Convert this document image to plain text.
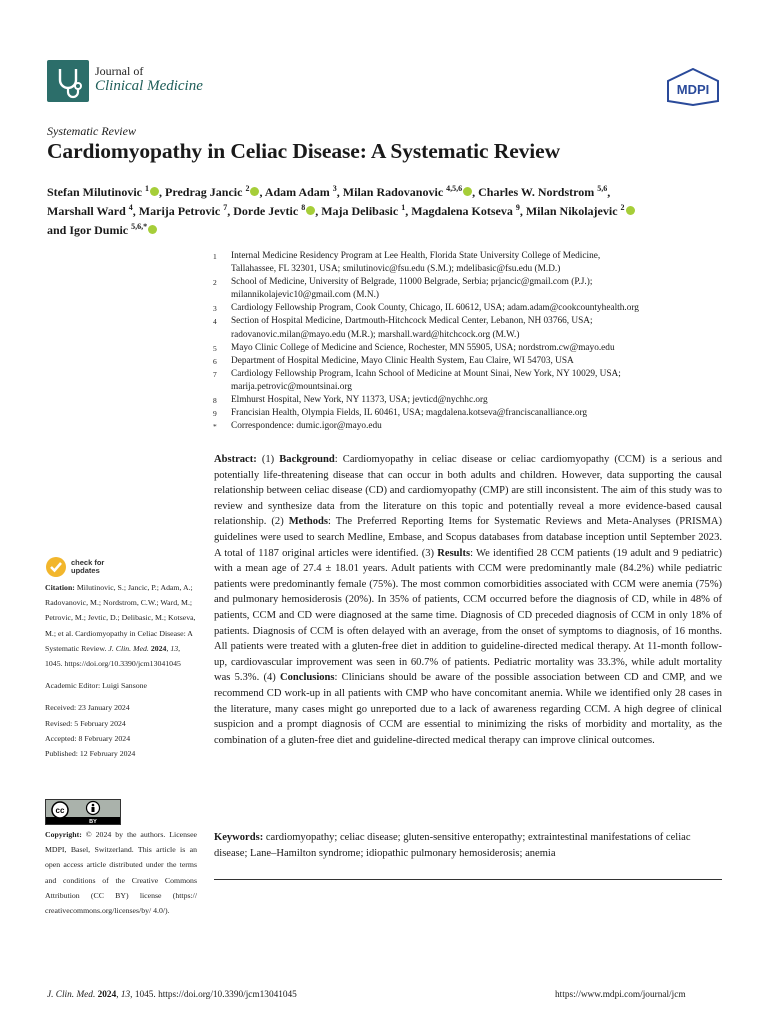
Journal of
Clinical Medicine	MDPI
Systematic Review
Cardiomyopathy in Celiac Disease: A Systematic Review
Stefan Milutinovic $^1$ , Predrag Jancic $^2$ , Adam Adam $^3$, Milan Radovanovic $^{4,5,6}$ , Charles W. Nordstrom $^{5,6}$,
Marshall Ward $^4$, Marija Petrovic $^7$, Dorde Jevtic $^8$ , Maja Delibasic $^1$, Magdalena Kotseva $^9$, Milan Nikolajevic $^2$
and Igor Dumic $^{5,6,*}$
1	Internal Medicine Residency Program at Lee Health, Florida State University College of Medicine,
Tallahassee, FL 32301, USA; smilutinovic@fsu.edu (S.M.); mdelibasic@fsu.edu (M.D.)
2	School of Medicine, University of Belgrade, 11000 Belgrade, Serbia; prjancic@gmail.com (P.J.);
milannikolajevic10@gmail.com (M.N.)
3	Cardiology Fellowship Program, Cook County, Chicago, IL 60612, USA; adam.adam@cookcountyhealth.org
4	Section of Hospital Medicine, Dartmouth-Hitchcock Medical Center, Lebanon, NH 03766, USA;
radovanovic.milan@mayo.edu (M.R.); marshall.ward@hitchcock.org (M.W.)
5	Mayo Clinic College of Medicine and Science, Rochester, MN 55905, USA; nordstrom.cw@mayo.edu
6	Department of Hospital Medicine, Mayo Clinic Health System, Eau Claire, WI 54703, USA
7	Cardiology Fellowship Program, Icahn School of Medicine at Mount Sinai, New York, NY 10029, USA;
marija.petrovic@mountsinai.org
8	Elmhurst Hospital, New York, NY 11373, USA; jevticd@nychhc.org
9	Francisian Health, Olympia Fields, IL 60461, USA; magdalena.kotseva@franciscanalliance.org
*	Correspondence: dumic.igor@mayo.edu
Abstract: (1) Background: Cardiomyopathy in celiac disease or celiac cardiomyopathy (CCM) is a serious and potentially life-threatening disease that can occur in both adults and children. However, data supporting the causal relationship between celiac disease (CD) and cardiomyopathy (CMP) are still inconsistent. The aim of this study was to review and synthesize data from the literature on this topic and potentially reveal a more evidence-based causal relationship. (2) Methods: The Preferred Reporting Items for Systematic Reviews and Meta-Analyses (PRISMA) guidelines were used to search Medline, Embase, and Scopus databases from database inception until September 2023. A total of 1187 original articles were identified. (3) Results: We identified 28 CCM patients (19 adult and 9 pediatric) with a mean age of 27.4 ± 18.01 years. Adult patients with CCM were predominantly male (84.2%) while pediatric patients were predominantly female (75%). The most common comorbidities associated with CCM were anemia (75%) and pulmonary hemosiderosis (20%). In 35% of patients, CCM occurred before the diagnosis of CD, while in 48% of patients, CCM and CD were diagnosed at the same time. Diagnosis of CD preceded diagnosis of CCM in only 18% of patients. Diagnosis of CCM is often delayed with an average, from the onset of symptoms to diagnosis, of 16 months. All patients were treated with a gluten-free diet in addition to guideline-directed medical therapy. At 11-month follow-up, cardiovascular improvement was seen in 60.7% of patients. Pediatric mortality was 33.3%, while adult mortality was 5.3%. (4) Conclusions: Clinicians should be aware of the possible association between CD and CMP, and we recommend CD work-up in all patients with CMP who have concomitant anemia. While we identified only 28 cases in the literature, many cases might go unreported due to a lack of awareness regarding CCM. A high degree of clinical suspicion and a prompt diagnosis of CCM are essential to minimizing the risks of morbidity and mortality, as the combination of a gluten-free diet and guideline-directed medical therapy can improve clinical outcomes.
Keywords: cardiomyopathy; celiac disease; gluten-sensitive enteropathy; extraintestinal manifestations of celiac disease; Lane–Hamilton syndrome; idiopathic pulmonary hemosiderosis; anemia
check for
updates

Citation: Milutinovic, S.; Jancic, P.; Adam, A.; Radovanovic, M.; Nordstrom, C.W.; Ward, M.; Petrovic, M.; Jevtic, D.; Delibasic, M.; Kotseva, M.; et al. Cardiomyopathy in Celiac Disease: A Systematic Review. J. Clin. Med. 2024, 13, 1045. https://doi.org/10.3390/jcm13041045

Academic Editor: Luigi Sansone

Received: 23 January 2024

Revised: 5 February 2024

Accepted: 8 February 2024

Published: 12 February 2024

cc
BY
Copyright: © 2024 by the authors. Licensee MDPI, Basel, Switzerland. This article is an open access article distributed under the terms and conditions of the Creative Commons Attribution (CC BY) license (https:// creativecommons.org/licenses/by/ 4.0/).
J. Clin. Med. 2024, 13, 1045. https://doi.org/10.3390/jcm13041045	https://www.mdpi.com/journal/jcm
